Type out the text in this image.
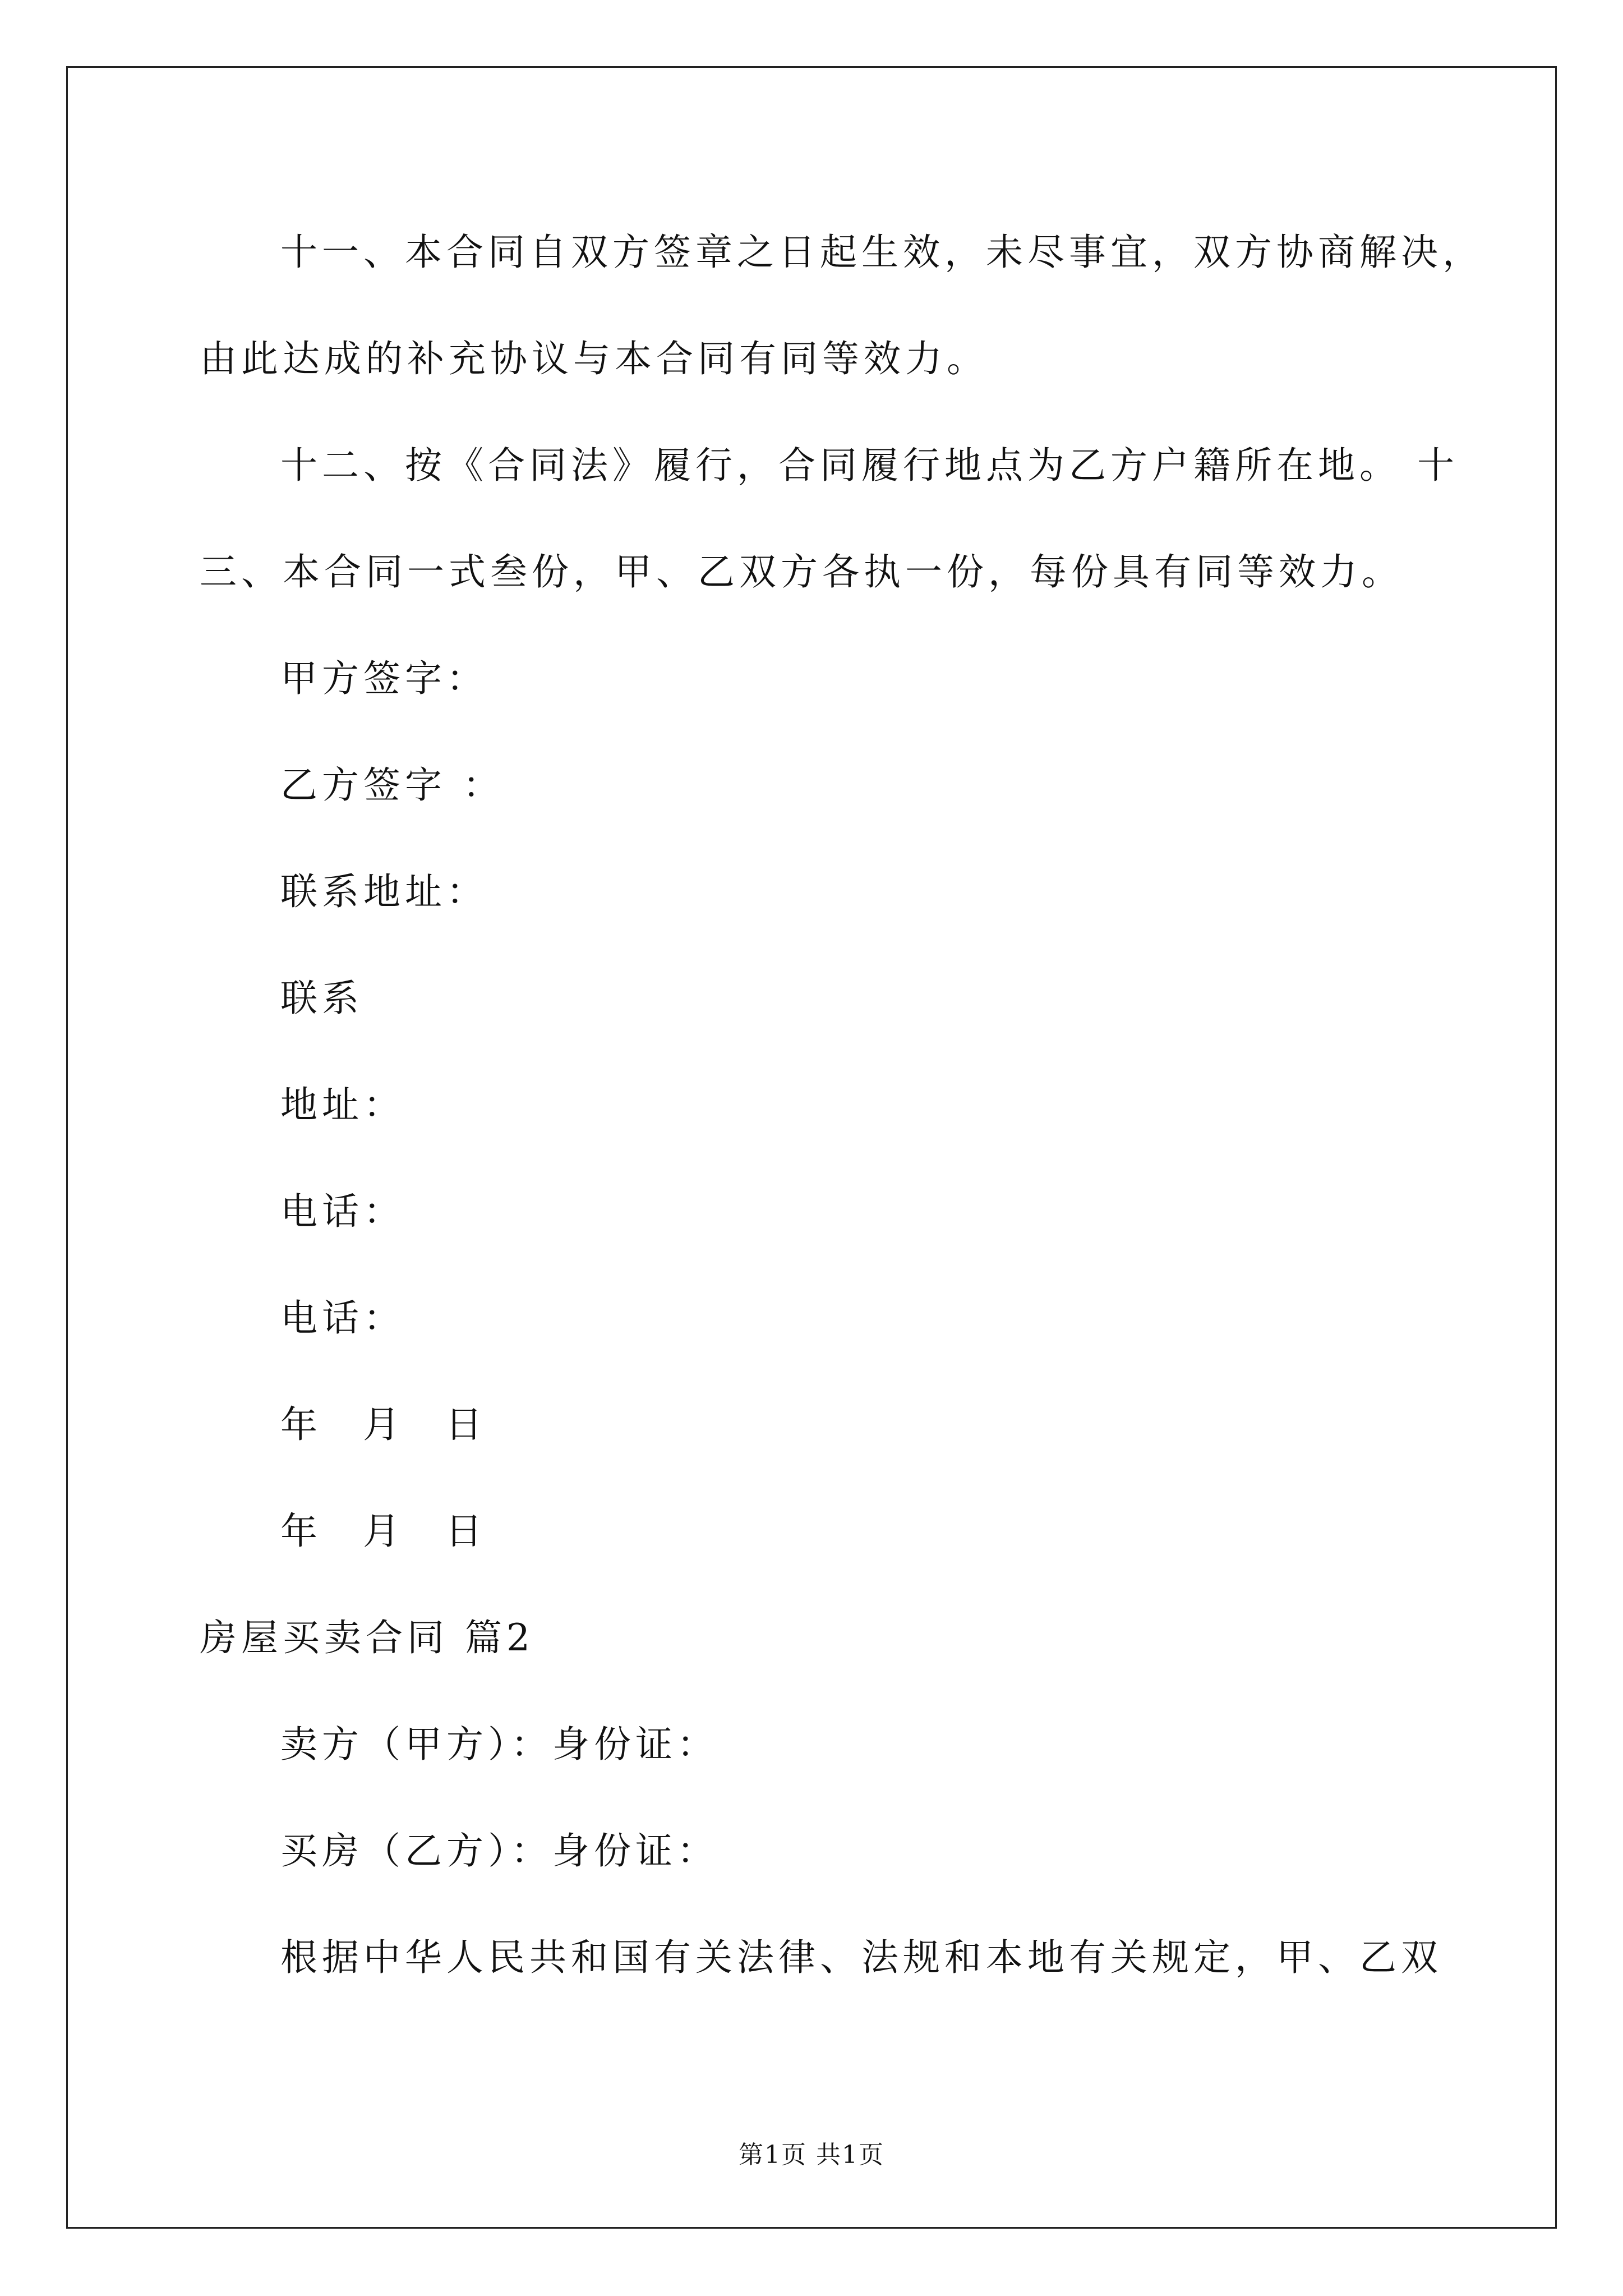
十一、本合同自双方签章之日起生效，未尽事宜，双方协商解决，
由此达成的补充协议与本合同有同等效力。
十二、按《合同法》履行，合同履行地点为乙方户籍所在地。 十
三、本合同一式叁份，甲、乙双方各执一份，每份具有同等效力。
甲方签字：
乙方签字 ：
联系地址：
联系
地址：
电话：
电话：
年 月 日
年 月 日
房屋买卖合同 篇2
卖方（甲方）：身份证：
买房（乙方）：身份证：
根据中华人民共和国有关法律、法规和本地有关规定，甲、乙双
第1页 共1页
